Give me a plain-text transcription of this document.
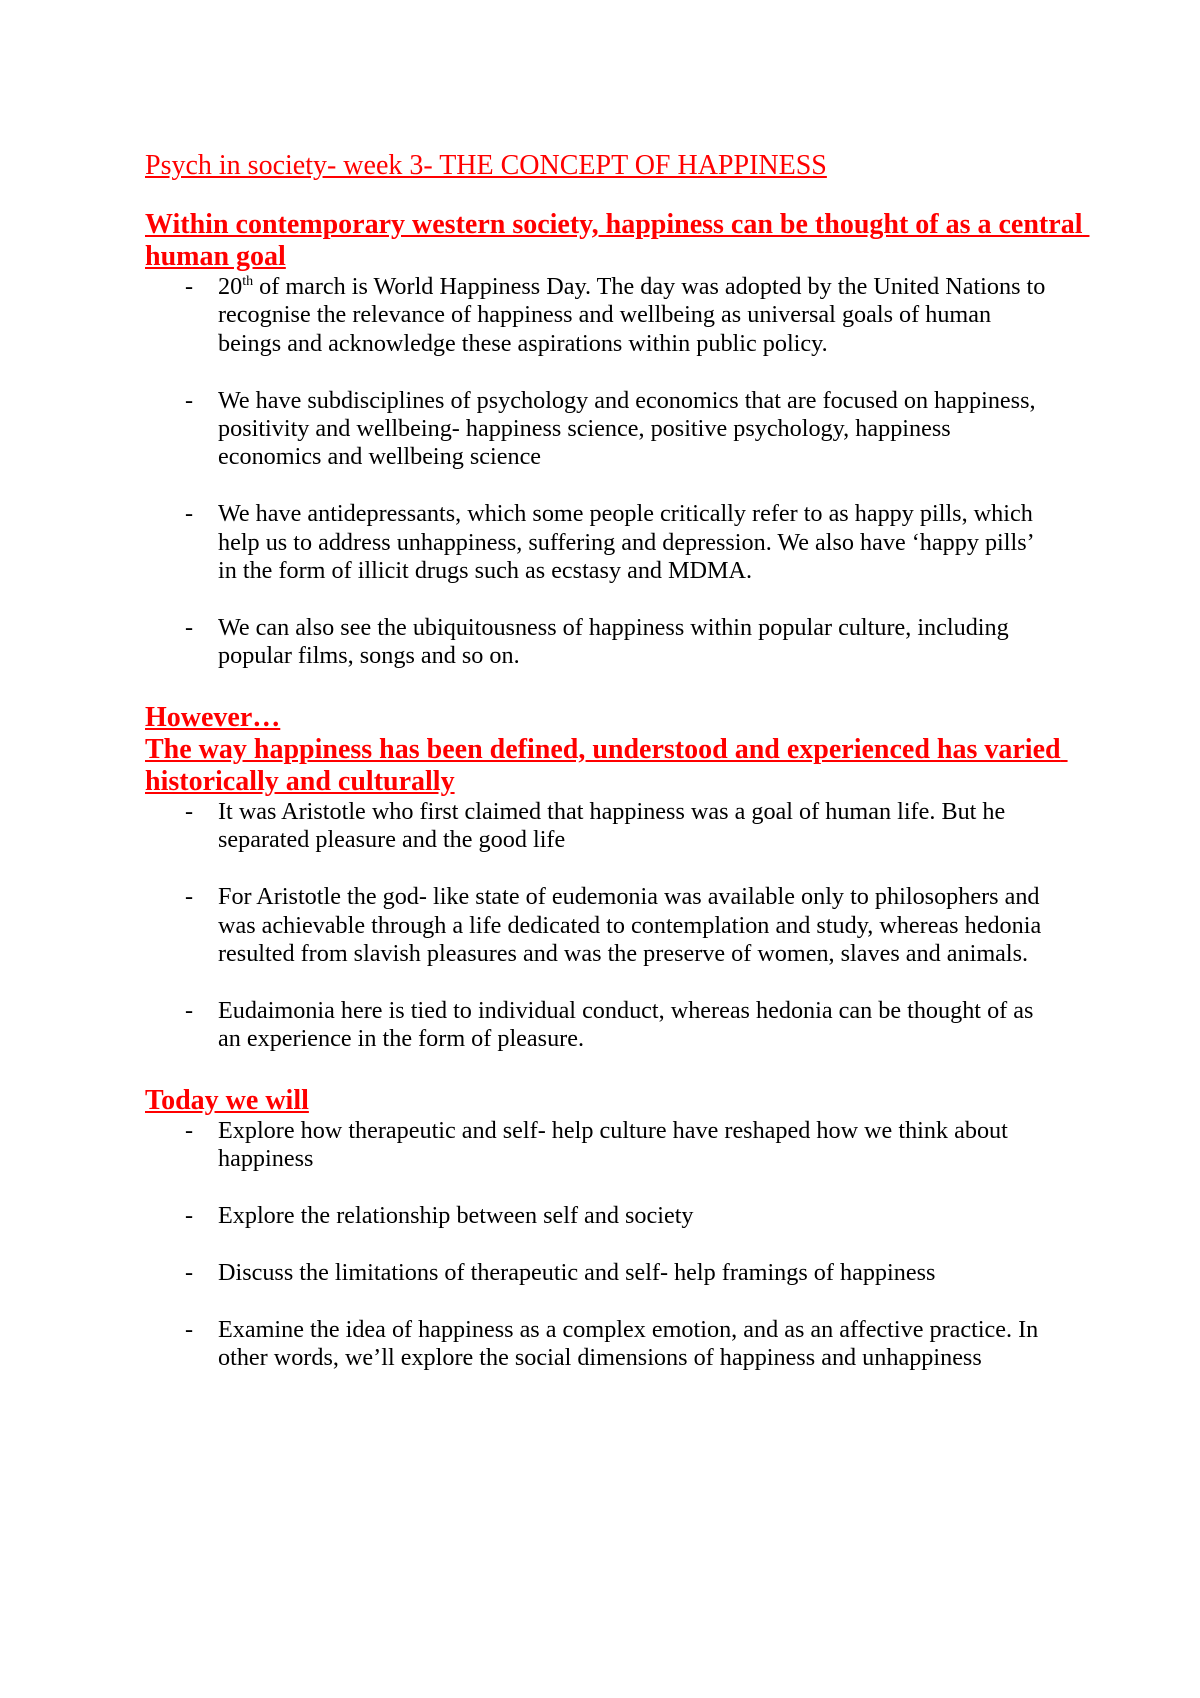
Psych in society- week 3- THE CONCEPT OF HAPPINESS
Within contemporary western society, happiness can be thought of as a central
human goal
- 20th of march is World Happiness Day. The day was adopted by the United Nations to
recognise the relevance of happiness and wellbeing as universal goals of human
beings and acknowledge these aspirations within public policy.
- We have subdisciplines of psychology and economics that are focused on happiness,
positivity and wellbeing- happiness science, positive psychology, happiness
economics and wellbeing science
- We have antidepressants, which some people critically refer to as happy pills, which
help us to address unhappiness, suffering and depression. We also have ‘happy pills’
in the form of illicit drugs such as ecstasy and MDMA.
- We can also see the ubiquitousness of happiness within popular culture, including
popular films, songs and so on.
However…
The way happiness has been defined, understood and experienced has varied
historically and culturally
- It was Aristotle who first claimed that happiness was a goal of human life. But he
separated pleasure and the good life
- For Aristotle the god- like state of eudemonia was available only to philosophers and
was achievable through a life dedicated to contemplation and study, whereas hedonia
resulted from slavish pleasures and was the preserve of women, slaves and animals.
- Eudaimonia here is tied to individual conduct, whereas hedonia can be thought of as
an experience in the form of pleasure.
Today we will
- Explore how therapeutic and self- help culture have reshaped how we think about
happiness
- Explore the relationship between self and society
- Discuss the limitations of therapeutic and self- help framings of happiness
- Examine the idea of happiness as a complex emotion, and as an affective practice. In
other words, we’ll explore the social dimensions of happiness and unhappiness
